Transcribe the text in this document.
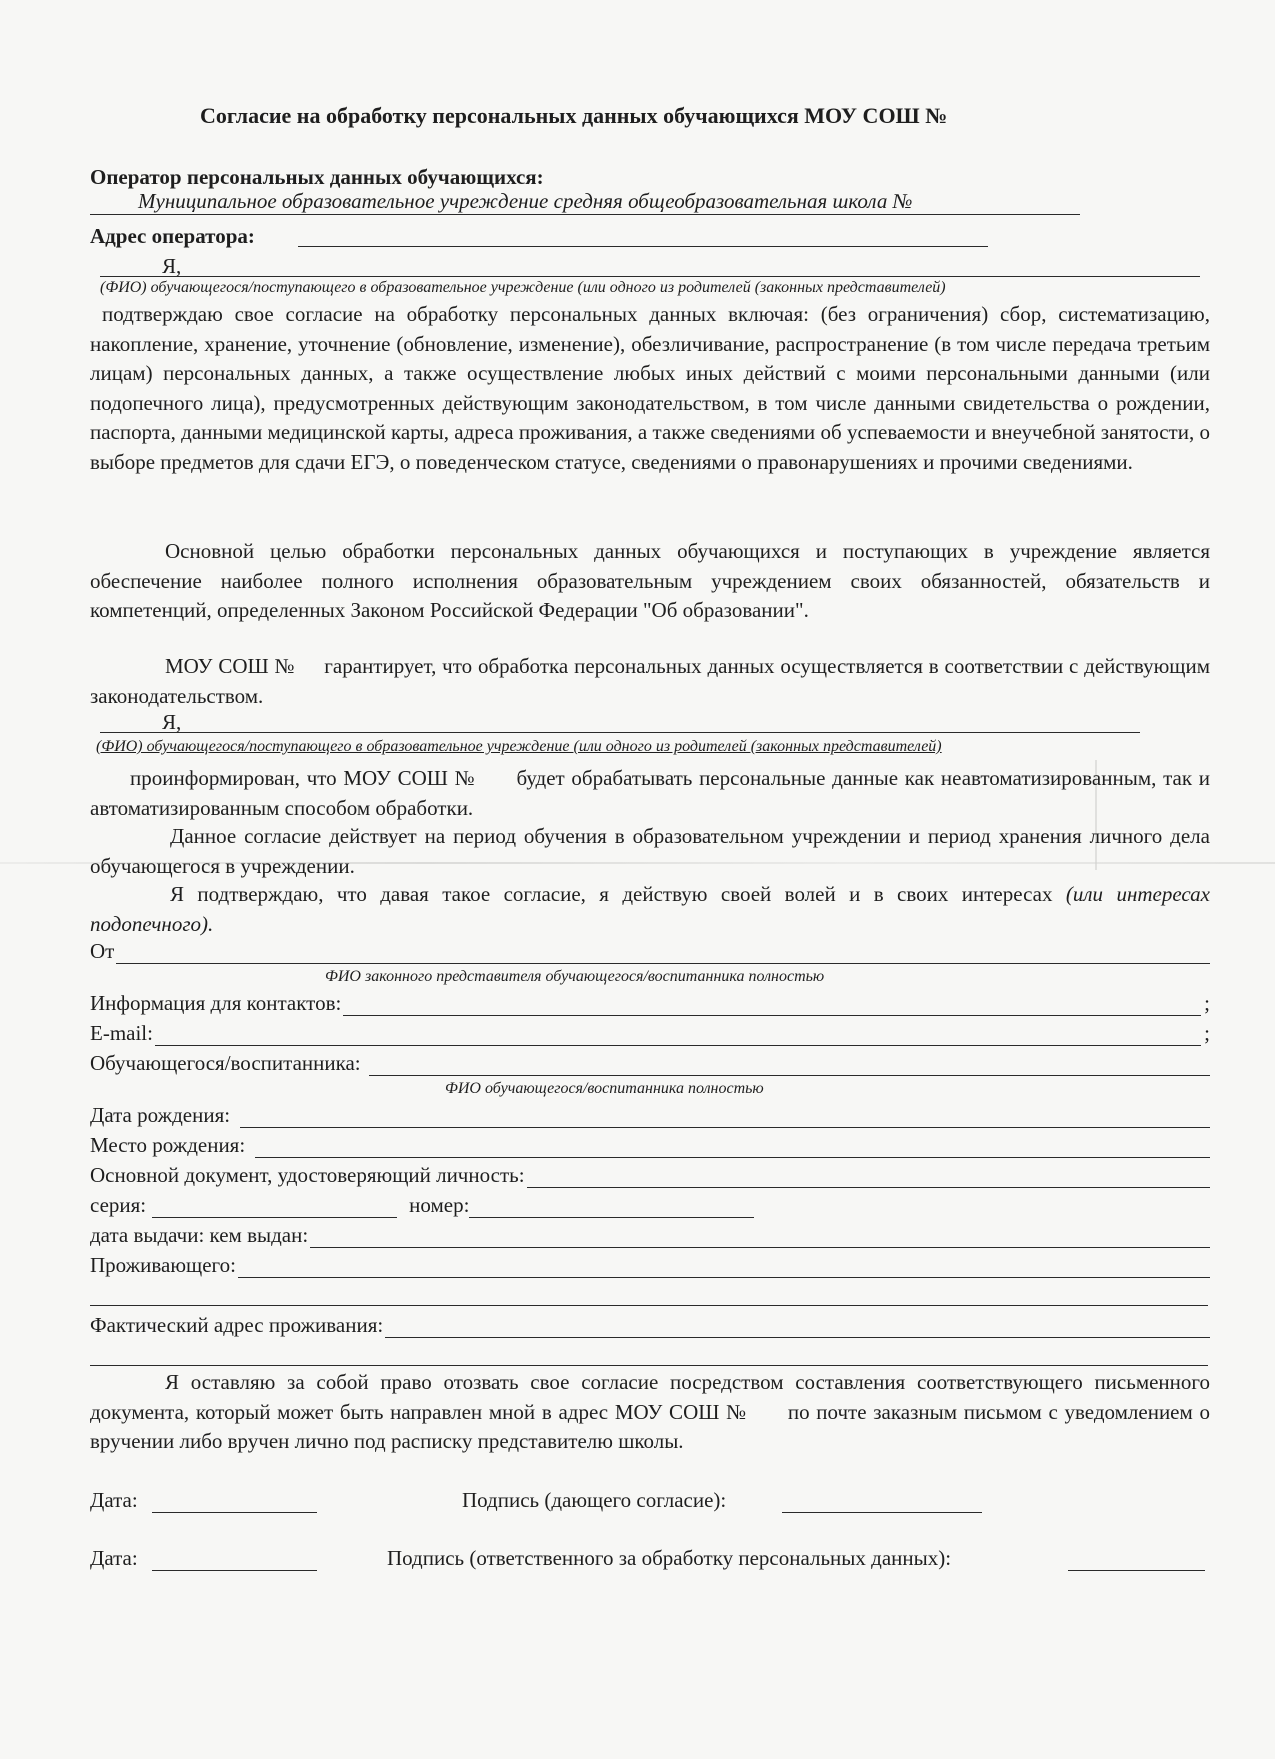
Согласие на обработку персональных данных обучающихся МОУ СОШ №
Оператор персональных данных обучающихся:
Муниципальное образовательное учреждение средняя общеобразовательная школа №
Адрес оператора:
Я,
(ФИО) обучающегося/поступающего в образовательное учреждение (или одного из родителей (законных представителей)
подтверждаю свое согласие на обработку персональных данных включая: (без ограничения) сбор, систематизацию, накопление, хранение, уточнение (обновление, изменение), обезличивание, распространение (в том числе передача третьим лицам) персональных данных, а также осуществление любых иных действий с моими персональными данными (или подопечного лица), предусмотренных действующим законодательством, в том числе данными свидетельства о рождении, паспорта, данными медицинской карты, адреса проживания, а также сведениями об успеваемости и внеучебной занятости, о выборе предметов для сдачи ЕГЭ, о поведенческом статусе, сведениями о правонарушениях и прочими сведениями.
Основной целью обработки персональных данных обучающихся и поступающих в учреждение является обеспечение наиболее полного исполнения образовательным учреждением своих обязанностей, обязательств и компетенций, определенных Законом Российской Федерации "Об образовании".
МОУ СОШ №     гарантирует, что обработка персональных данных осуществляется в соответствии с действующим законодательством.
Я,
(ФИО) обучающегося/поступающего в образовательное учреждение (или одного из родителей (законных представителей)
проинформирован, что МОУ СОШ №      будет обрабатывать персональные данные как неавтоматизированным, так и автоматизированным способом обработки.
Данное согласие действует на период обучения в образовательном учреждении и период хранения личного дела обучающегося в учреждении.
Я подтверждаю, что давая такое согласие, я действую своей волей и в своих интересах (или интересах подопечного).
От
ФИО законного представителя обучающегося/воспитанника полностью
Информация для контактов:	;
E-mail:	;
Обучающегося/воспитанника:
ФИО обучающегося/воспитанника полностью
Дата рождения:
Место рождения:
Основной документ, удостоверяющий личность:
серия:	номер:
дата выдачи: кем выдан:
Проживающего:
Фактический адрес проживания:
Я оставляю за собой право отозвать свое согласие посредством составления соответствующего письменного документа, который может быть направлен мной в адрес МОУ СОШ №      по почте заказным письмом с уведомлением о вручении либо вручен лично под расписку представителю школы.
Дата:	Подпись (дающего согласие):
Дата:	Подпись (ответственного за обработку персональных данных):
